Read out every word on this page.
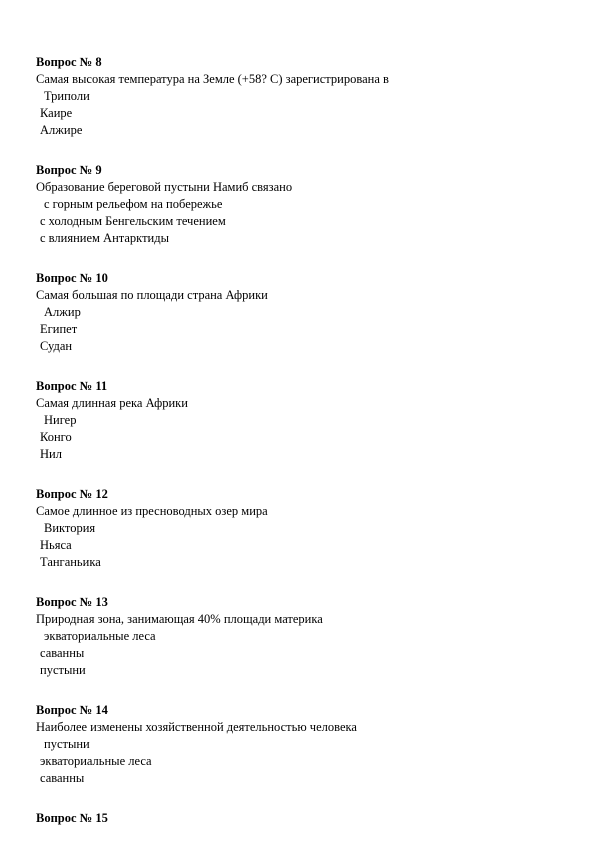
Вопрос № 8
Самая высокая температура на Земле (+58? С) зарегистрирована в
Триполи
Каире
Алжире
Вопрос № 9
Образование береговой пустыни Намиб связано
с горным рельефом на побережье
с холодным Бенгельским течением
с влиянием Антарктиды
Вопрос № 10
Самая большая по площади страна Африки
Алжир
Египет
Судан
Вопрос № 11
Самая длинная река Африки
Нигер
Конго
Нил
Вопрос № 12
Самое длинное из пресноводных озер мира
Виктория
Ньяса
Танганьика
Вопрос № 13
Природная зона, занимающая 40% площади материка
экваториальные леса
саванны
пустыни
Вопрос № 14
Наиболее изменены хозяйственной деятельностью человека
пустыни
экваториальные леса
саванны
Вопрос № 15
